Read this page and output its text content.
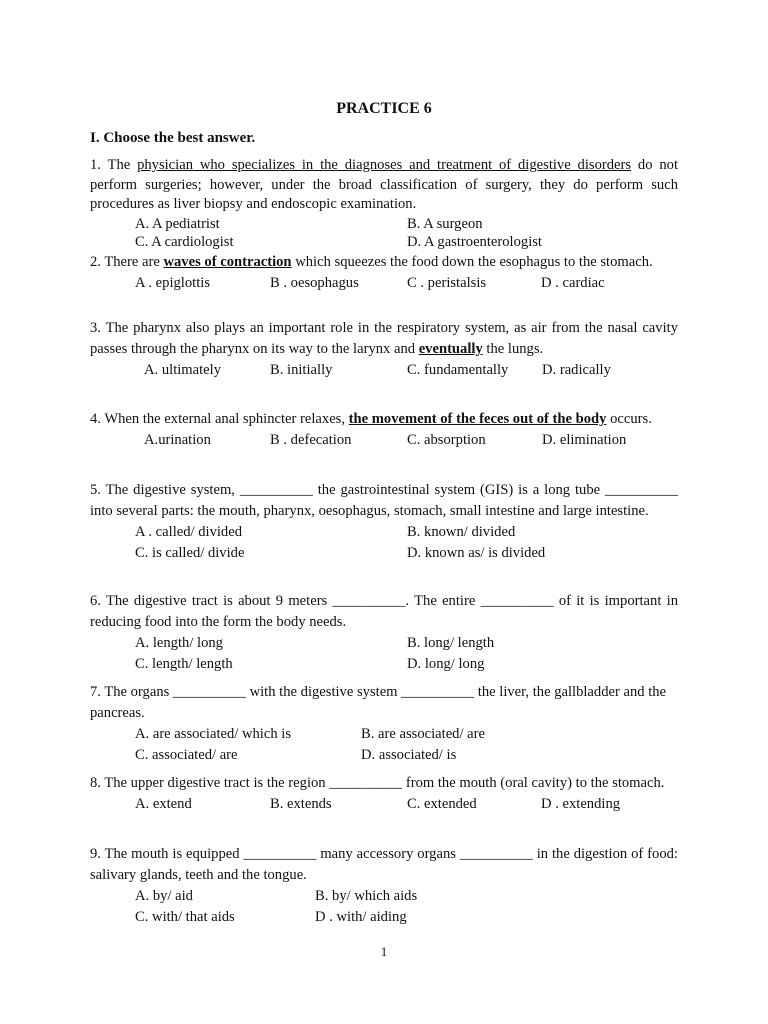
PRACTICE 6
I. Choose the best answer.
1. The physician who specializes in the diagnoses and treatment of digestive disorders do not perform surgeries; however, under the broad classification of surgery, they do perform such procedures as liver biopsy and endoscopic examination.
A. A pediatrist	B. A surgeon
C. A cardiologist	D. A gastroenterologist
2. There are waves of contraction which squeezes the food down the esophagus to the stomach.
A . epiglottis	B . oesophagus	C . peristalsis	D . cardiac
3. The pharynx also plays an important role in the respiratory system, as air from the nasal cavity passes through the pharynx on its way to the larynx and eventually the lungs.
A. ultimately	B. initially	C. fundamentally D. radically
4. When the external anal sphincter relaxes, the movement of the feces out of the body occurs.
A.urination	B . defecation	C. absorption	D. elimination
5. The digestive system, __________ the gastrointestinal system (GIS) is a long tube __________ into several parts: the mouth, pharynx, oesophagus, stomach, small intestine and large intestine.
A . called/ divided	B. known/ divided
C. is called/ divide	D. known as/ is divided
6. The digestive tract is about 9 meters __________. The entire __________ of it is important in reducing food into the form the body needs.
A. length/ long	B. long/ length
C. length/ length	D. long/ long
7. The organs __________ with the digestive system __________ the liver, the gallbladder and the pancreas.
A. are associated/ which is	B. are associated/ are
C. associated/ are	D. associated/ is
8. The upper digestive tract is the region __________ from the mouth (oral cavity) to the stomach.
A. extend	B. extends	C. extended	D . extending
9. The mouth is equipped __________ many accessory organs __________ in the digestion of food: salivary glands, teeth and the tongue.
A. by/ aid	B. by/ which aids
C. with/ that aids	D . with/ aiding
1
